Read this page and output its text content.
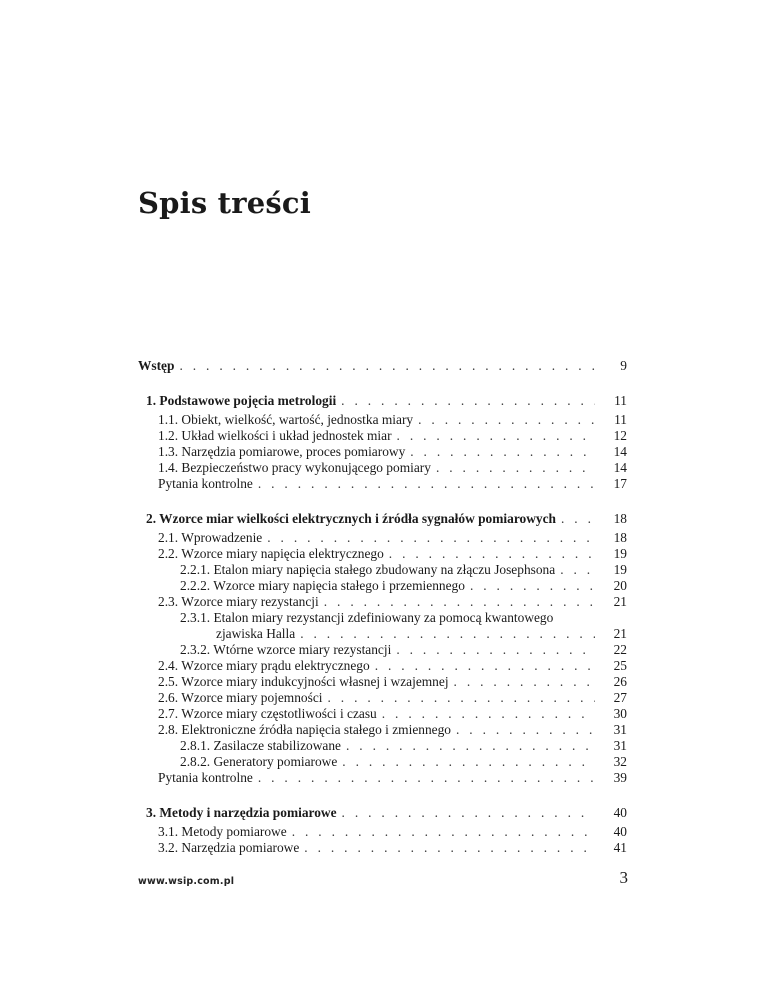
Spis treści
Wstęp . . .	9
1. Podstawowe pojęcia metrologii . . .	11
1.1. Obiekt, wielkość, wartość, jednostka miary . . .	11
1.2. Układ wielkości i układ jednostek miar . . .	12
1.3. Narzędzia pomiarowe, proces pomiarowy . . .	14
1.4. Bezpieczeństwo pracy wykonującego pomiary . . .	14
Pytania kontrolne . . .	17
2. Wzorce miar wielkości elektrycznych i źródła sygnałów pomiarowych . . .	18
2.1. Wprowadzenie . . .	18
2.2. Wzorce miary napięcia elektrycznego . . .	19
2.2.1. Etalon miary napięcia stałego zbudowany na złączu Josephsona . . .	19
2.2.2. Wzorce miary napięcia stałego i przemiennego . . .	20
2.3. Wzorce miary rezystancji . . .	21
2.3.1. Etalon miary rezystancji zdefiniowany za pomocą kwantowego
zjawiska Halla . . .	21
2.3.2. Wtórne wzorce miary rezystancji . . .	22
2.4. Wzorce miary prądu elektrycznego . . .	25
2.5. Wzorce miary indukcyjności własnej i wzajemnej . . .	26
2.6. Wzorce miary pojemności . . .	27
2.7. Wzorce miary częstotliwości i czasu . . .	30
2.8. Elektroniczne źródła napięcia stałego i zmiennego . . .	31
2.8.1. Zasilacze stabilizowane . . .	31
2.8.2. Generatory pomiarowe . . .	32
Pytania kontrolne . . .	39
3. Metody i narzędzia pomiarowe . . .	40
3.1. Metody pomiarowe . . .	40
3.2. Narzędzia pomiarowe . . .	41
www.wsip.com.pl	3
